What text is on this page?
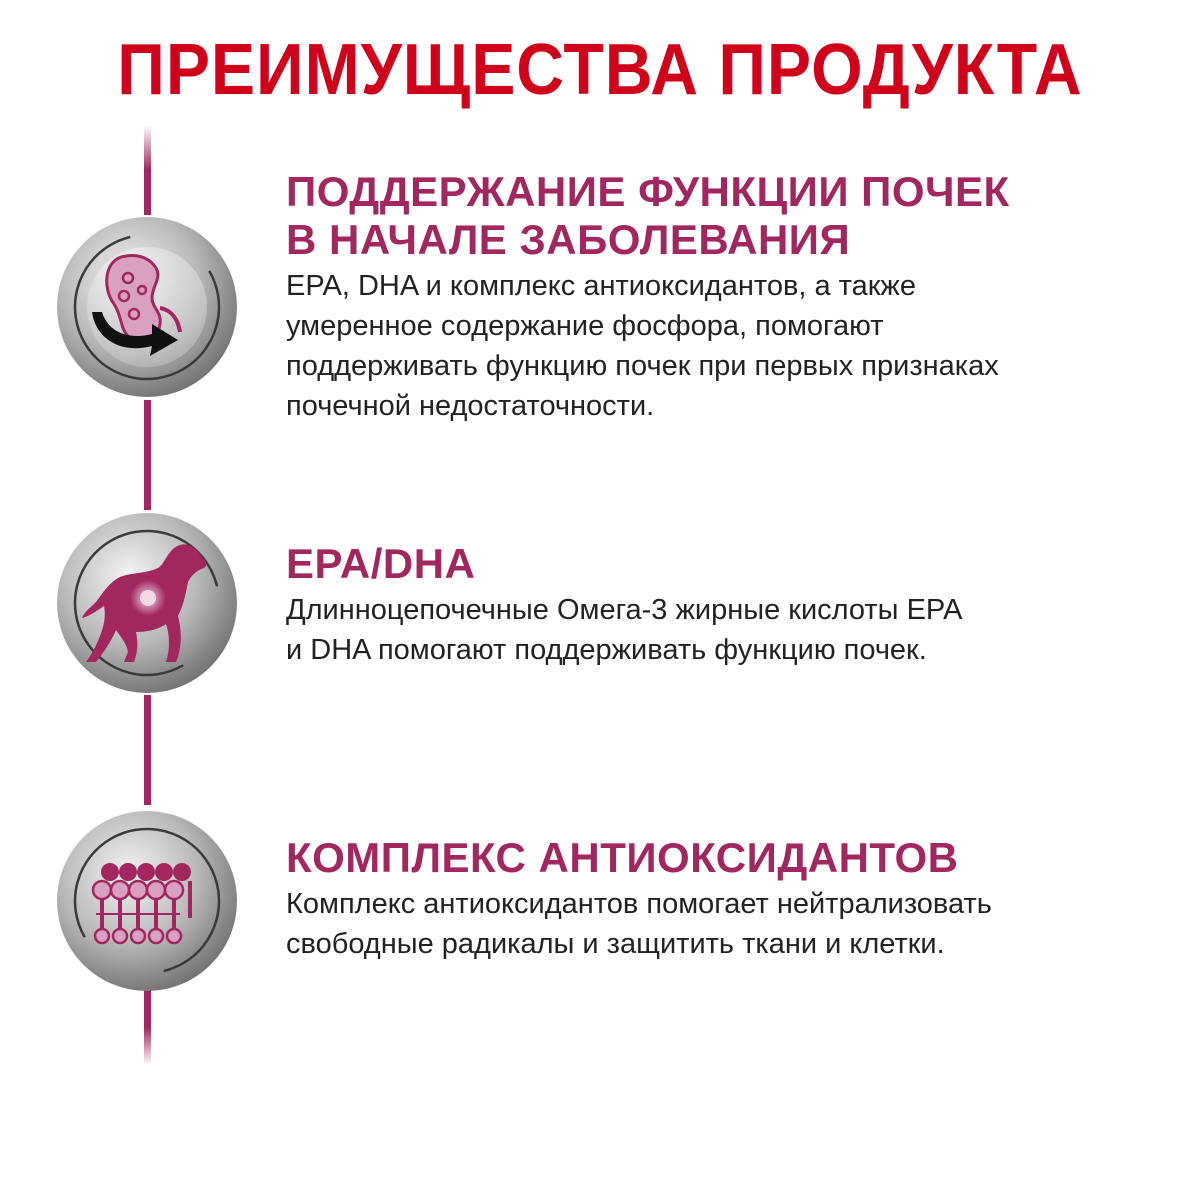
ПРЕИМУЩЕСТВА ПРОДУКТА
ПОДДЕРЖАНИЕ ФУНКЦИИ ПОЧЕК
В НАЧАЛЕ ЗАБОЛЕВАНИЯ

EPA, DHA и комплекс антиоксидантов, а также
умеренное содержание фосфора, помогают
поддерживать функцию почек при первых признаках
почечной недостаточности.

EPA/DHA

Длинноцепочечные Омега-3 жирные кислоты EPA
и DHA помогают поддерживать функцию почек.

КОМПЛЕКС АНТИОКСИДАНТОВ

Комплекс антиоксидантов помогает нейтрализовать
свободные радикалы и защитить ткани и клетки.
